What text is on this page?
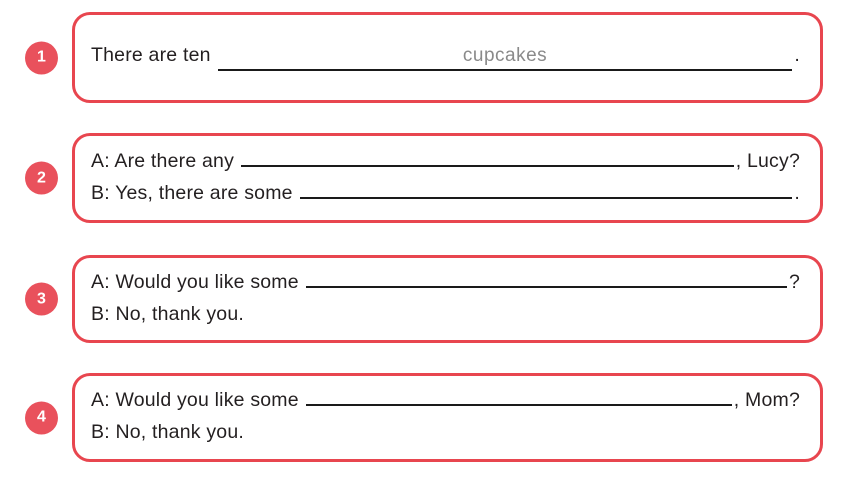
1 There are ten	cupcakes	.
2
A: Are there any	, Lucy?
B: Yes, there are some	.
3
A: Would you like some	?
B: No, thank you.
4
A: Would you like some	, Mom?
B: No, thank you.
